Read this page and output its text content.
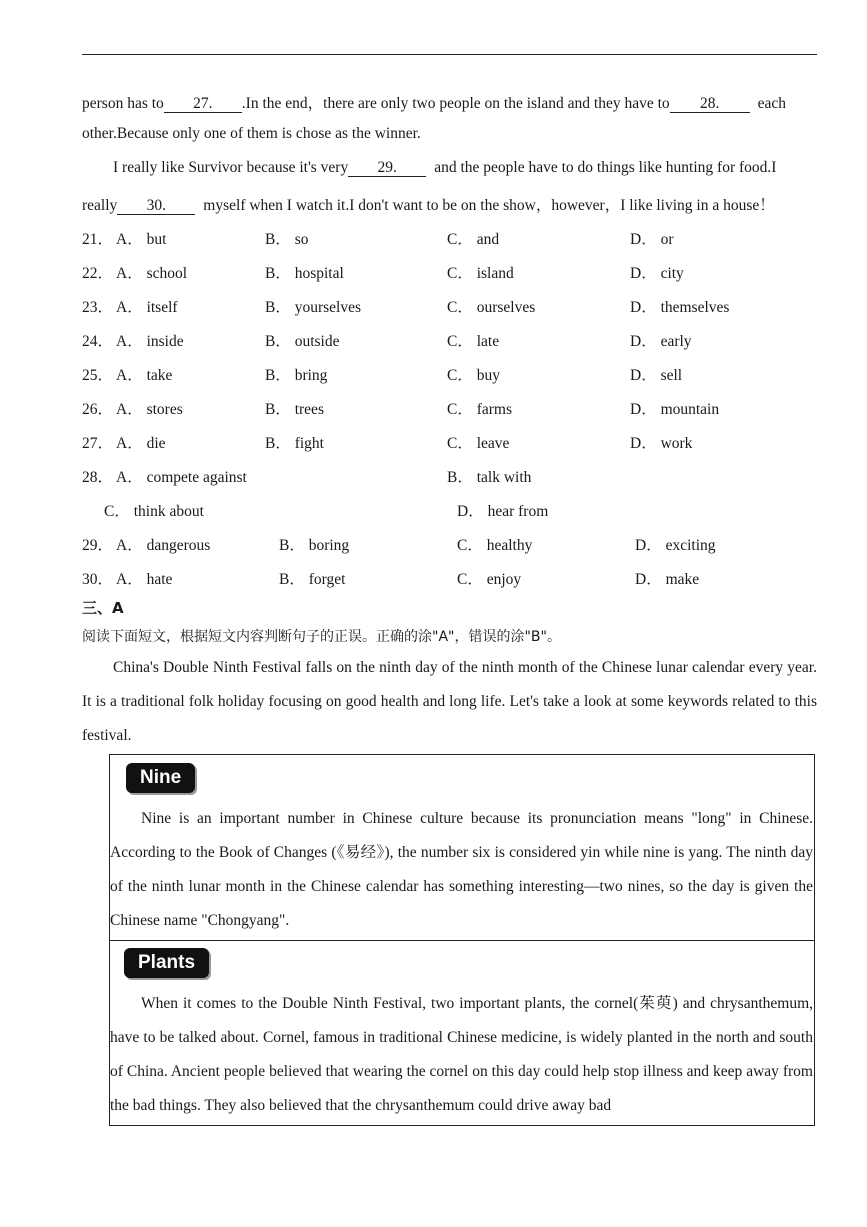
person has to 27. .In the end，there are only two people on the island and they have to 28. each
other.Because only one of them is chose as the winner.
I really like Survivor because it's very 29. and the people have to do things like hunting for food.I
really 30. myself when I watch it.I don't want to be on the show，however，I like living in a house！
21． A． but	B． so	C． and	D． or
22． A． school	B． hospital	C． island	D． city
23． A． itself	B． yourselves	C． ourselves	D． themselves
24． A． inside	B． outside	C． late	D． early
25． A． take	B． bring	C． buy	D． sell
26． A． stores	B． trees	C． farms	D． mountain
27． A． die	B． fight	C． leave	D． work
28． A． compete against	B． talk with
C． think about	D． hear from
29． A． dangerous	B． boring	C． healthy	D． exciting
30． A． hate	B． forget	C． enjoy	D． make
三、A
阅读下面短文，根据短文内容判断句子的正误。正确的涂"A"，错误的涂"B"。
China's Double Ninth Festival falls on the ninth day of the ninth month of the Chinese lunar calendar every year. It is a traditional folk holiday focusing on good health and long life. Let's take a look at some keywords related to this festival.
Nine
Nine is an important number in Chinese culture because its pronunciation means "long" in Chinese. According to the Book of Changes (《易经》), the number six is considered yin while nine is yang. The ninth day of the ninth lunar month in the Chinese calendar has something interesting—two nines, so the day is given the Chinese name "Chongyang".
Plants
When it comes to the Double Ninth Festival, two important plants, the cornel(茱萸) and chrysanthemum, have to be talked about. Cornel, famous in traditional Chinese medicine, is widely planted in the north and south of China. Ancient people believed that wearing the cornel on this day could help stop illness and keep away from the bad things. They also believed that the chrysanthemum could drive away bad
